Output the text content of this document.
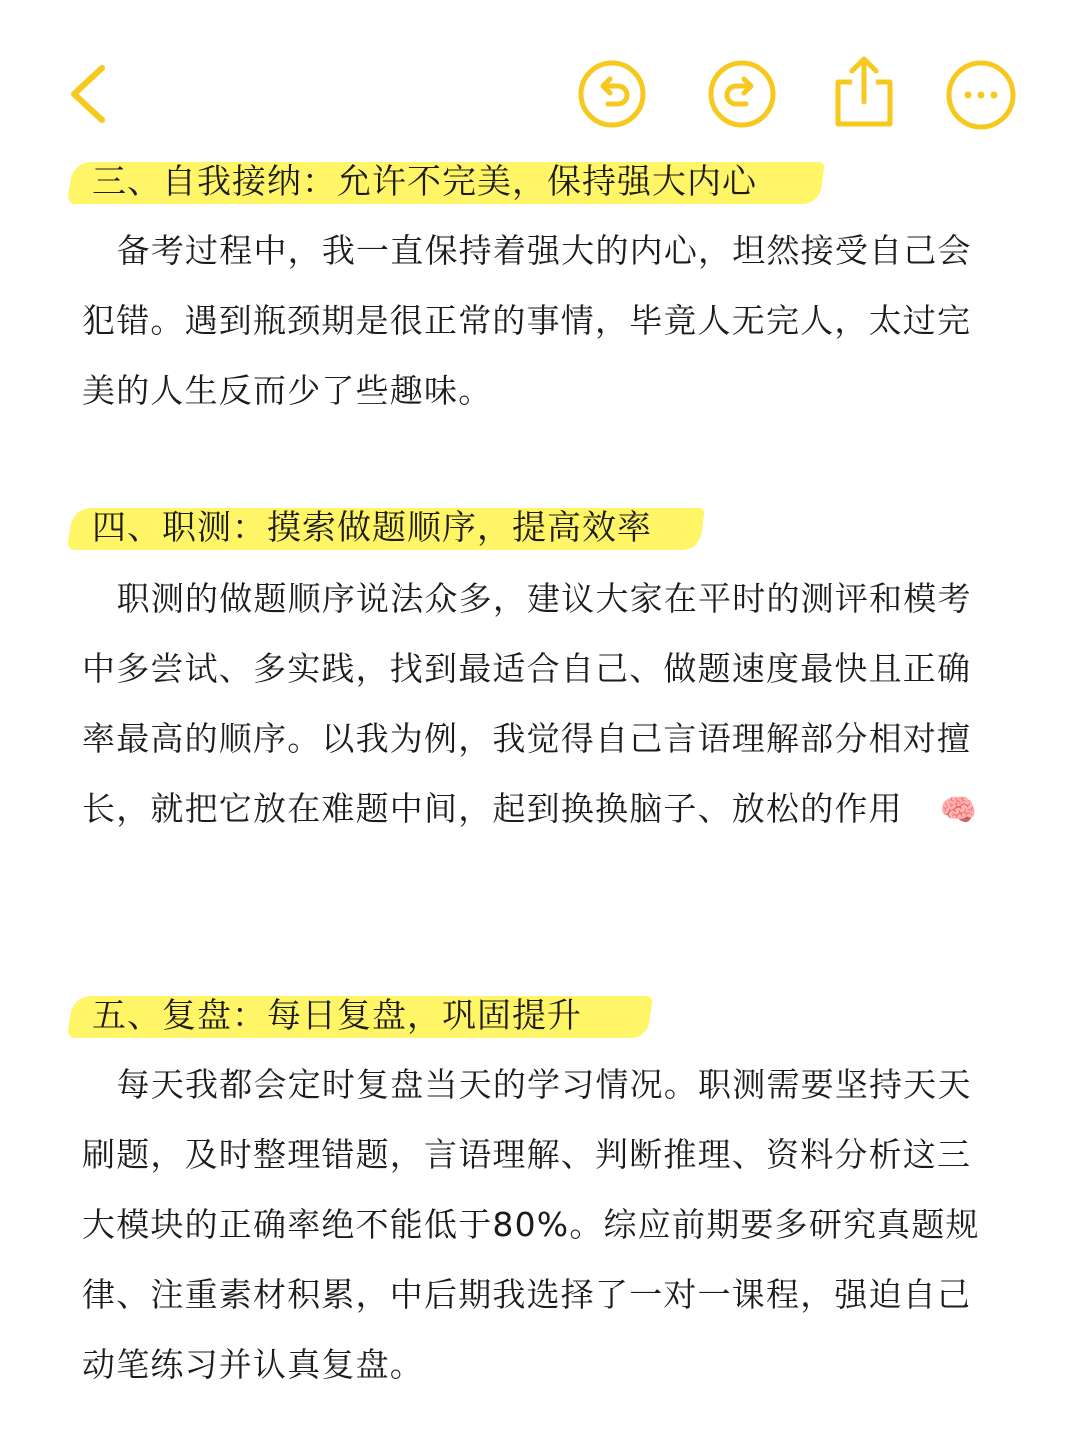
三、自我接纳：允许不完美，保持强大内心

备考过程中，我一直保持着强大的内心，坦然接受自己会犯错。遇到瓶颈期是很正常的事情，毕竟人无完人，太过完美的人生反而少了些趣味。

四、职测：摸索做题顺序，提高效率

职测的做题顺序说法众多，建议大家在平时的测评和模考中多尝试、多实践，找到最适合自己、做题速度最快且正确率最高的顺序。以我为例，我觉得自己言语理解部分相对擅长，就把它放在难题中间，起到换换脑子、放松的作用 🧠

五、复盘：每日复盘，巩固提升

每天我都会定时复盘当天的学习情况。职测需要坚持天天刷题，及时整理错题，言语理解、判断推理、资料分析这三大模块的正确率绝不能低于80%。综应前期要多研究真题规律、注重素材积累，中后期我选择了一对一课程，强迫自己动笔练习并认真复盘。
